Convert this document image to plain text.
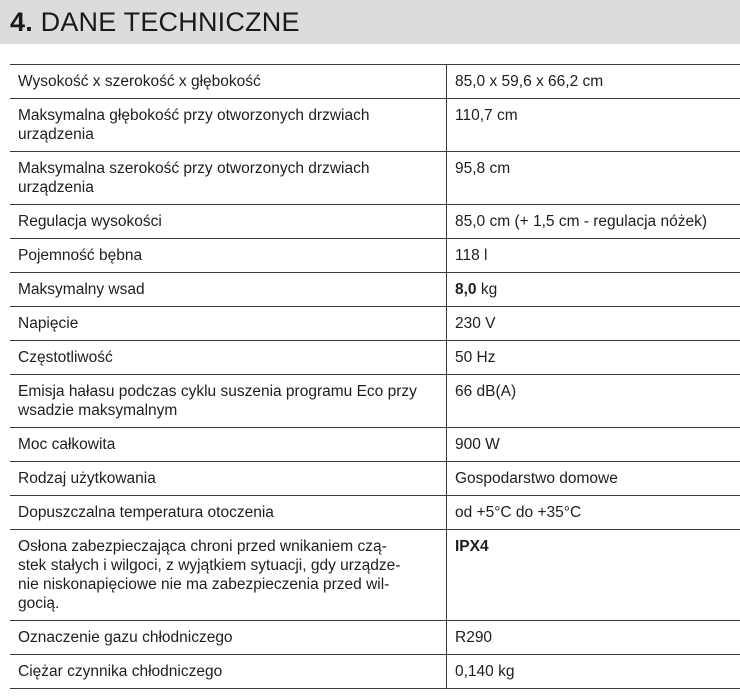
4. DANE TECHNICZNE
Wysokość x szerokość x głębokość	85,0 x 59,6 x 66,2 cm
Maksymalna głębokość przy otworzonych drzwiach urządzenia	110,7 cm
Maksymalna szerokość przy otworzonych drzwiach urządzenia	95,8 cm
Regulacja wysokości	85,0 cm (+ 1,5 cm - regulacja nóżek)
Pojemność bębna	118 l
Maksymalny wsad	8,0 kg
Napięcie	230 V
Częstotliwość	50 Hz
Emisja hałasu podczas cyklu suszenia programu Eco przy wsadzie maksymalnym	66 dB(A)
Moc całkowita	900 W
Rodzaj użytkowania	Gospodarstwo domowe
Dopuszczalna temperatura otoczenia	od +5°C do +35°C
Osłona zabezpieczająca chroni przed wnikaniem czą-
stek stałych i wilgoci, z wyjątkiem sytuacji, gdy urządze-
nie niskonapięciowe nie ma zabezpieczenia przed wil-
gocią.	IPX4
Oznaczenie gazu chłodniczego	R290
Ciężar czynnika chłodniczego	0,140 kg
